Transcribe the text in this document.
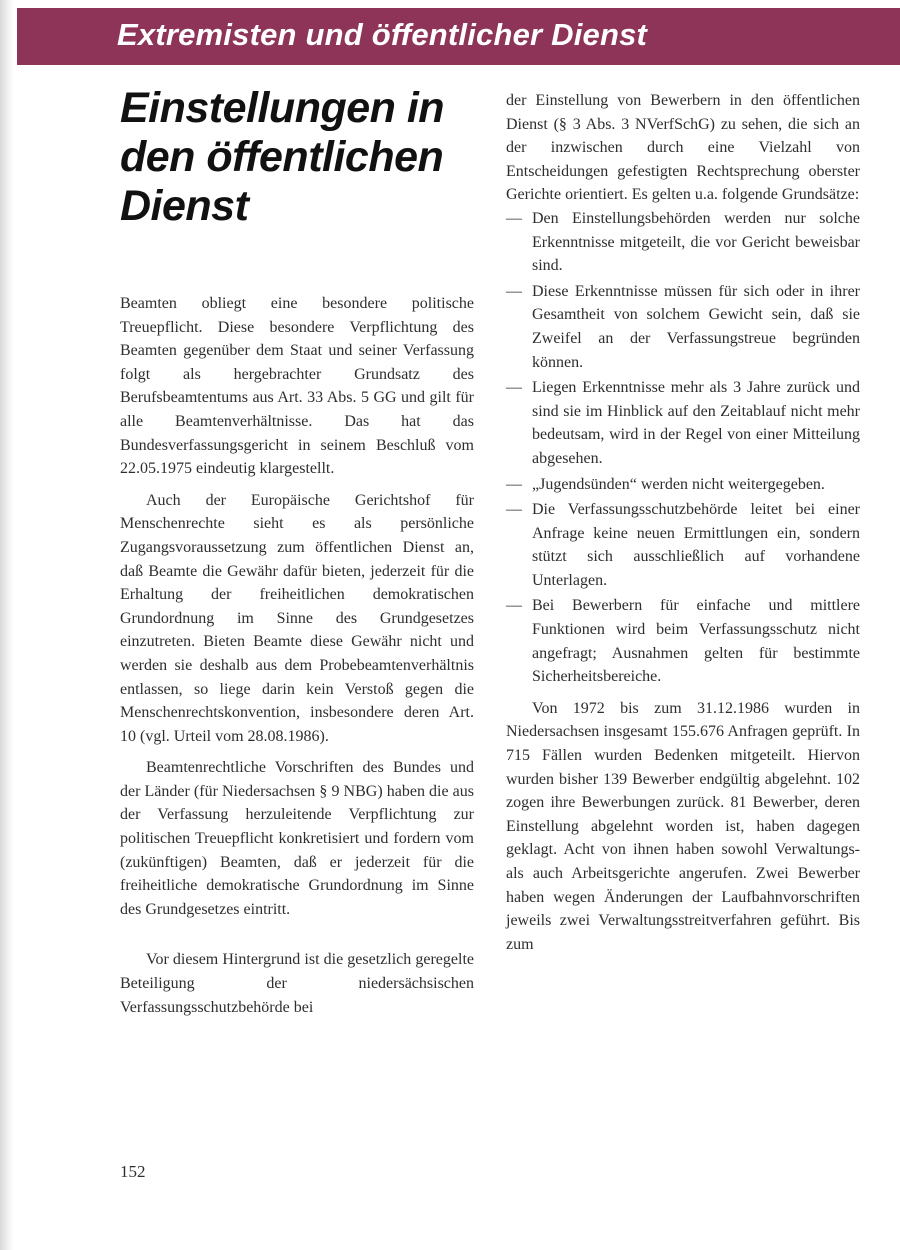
Extremisten und öffentlicher Dienst
Einstellungen in den öffentlichen Dienst

Beamten obliegt eine besondere politische Treuepflicht. Diese besondere Verpflichtung des Beamten gegenüber dem Staat und seiner Verfassung folgt als hergebrachter Grundsatz des Berufsbeamtentums aus Art. 33 Abs. 5 GG und gilt für alle Beamtenverhältnisse. Das hat das Bundesverfassungsgericht in seinem Beschluß vom 22.05.1975 eindeutig klargestellt.

Auch der Europäische Gerichtshof für Menschenrechte sieht es als persönliche Zugangsvoraussetzung zum öffentlichen Dienst an, daß Beamte die Gewähr dafür bieten, jederzeit für die Erhaltung der freiheitlichen demokratischen Grundordnung im Sinne des Grundgesetzes einzutreten. Bieten Beamte diese Gewähr nicht und werden sie deshalb aus dem Probebeamtenverhältnis entlassen, so liege darin kein Verstoß gegen die Menschenrechtskonvention, insbesondere deren Art. 10 (vgl. Urteil vom 28.08.1986).

Beamtenrechtliche Vorschriften des Bundes und der Länder (für Niedersachsen § 9 NBG) haben die aus der Verfassung herzuleitende Verpflichtung zur politischen Treuepflicht konkretisiert und fordern vom (zukünftigen) Beamten, daß er jederzeit für die freiheitliche demokratische Grundordnung im Sinne des Grundgesetzes eintritt.

Vor diesem Hintergrund ist die gesetzlich geregelte Beteiligung der niedersächsischen Verfassungsschutzbehörde bei

der Einstellung von Bewerbern in den öffentlichen Dienst (§ 3 Abs. 3 NVerfSchG) zu sehen, die sich an der inzwischen durch eine Vielzahl von Entscheidungen gefestigten Rechtsprechung oberster Gerichte orientiert. Es gelten u.a. folgende Grundsätze:

— Den Einstellungsbehörden werden nur solche Erkenntnisse mitgeteilt, die vor Gericht beweisbar sind.
— Diese Erkenntnisse müssen für sich oder in ihrer Gesamtheit von solchem Gewicht sein, daß sie Zweifel an der Verfassungstreue begründen können.
— Liegen Erkenntnisse mehr als 3 Jahre zurück und sind sie im Hinblick auf den Zeitablauf nicht mehr bedeutsam, wird in der Regel von einer Mitteilung abgesehen.
— „Jugendsünden“ werden nicht weitergegeben.
— Die Verfassungsschutzbehörde leitet bei einer Anfrage keine neuen Ermittlungen ein, sondern stützt sich ausschließlich auf vorhandene Unterlagen.
— Bei Bewerbern für einfache und mittlere Funktionen wird beim Verfassungsschutz nicht angefragt; Ausnahmen gelten für bestimmte Sicherheitsbereiche.

Von 1972 bis zum 31.12.1986 wurden in Niedersachsen insgesamt 155.676 Anfragen geprüft. In 715 Fällen wurden Bedenken mitgeteilt. Hiervon wurden bisher 139 Bewerber endgültig abgelehnt. 102 zogen ihre Bewerbungen zurück. 81 Bewerber, deren Einstellung abgelehnt worden ist, haben dagegen geklagt. Acht von ihnen haben sowohl Verwaltungs- als auch Arbeitsgerichte angerufen. Zwei Bewerber haben wegen Änderungen der Laufbahnvorschriften jeweils zwei Verwaltungsstreitverfahren geführt. Bis zum

152
